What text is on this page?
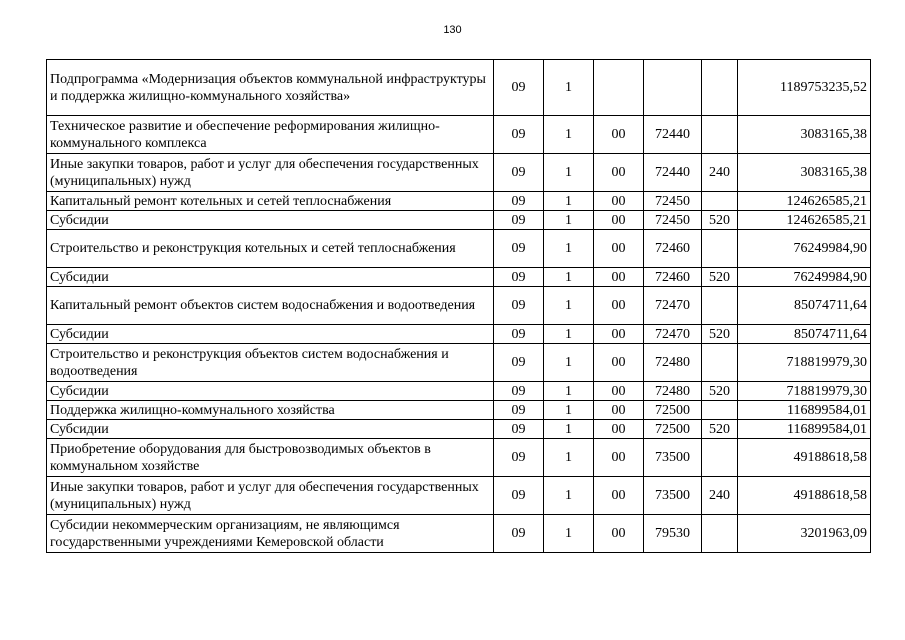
130
Подпрограмма «Модернизация объектов коммунальной инфраструктуры и поддержка жилищно-коммунального хозяйства»	09	1				1189753235,52
Техническое развитие и обеспечение реформирования жилищно-коммунального комплекса	09	1	00	72440		3083165,38
Иные закупки товаров, работ и услуг для обеспечения государственных (муниципальных) нужд	09	1	00	72440	240	3083165,38
Капитальный ремонт котельных и сетей теплоснабжения	09	1	00	72450		124626585,21
Субсидии	09	1	00	72450	520	124626585,21
Строительство и реконструкция котельных и сетей теплоснабжения	09	1	00	72460		76249984,90
Субсидии	09	1	00	72460	520	76249984,90
Капитальный ремонт объектов систем водоснабжения и водоотведения	09	1	00	72470		85074711,64
Субсидии	09	1	00	72470	520	85074711,64
Строительство и реконструкция объектов систем водоснабжения и водоотведения	09	1	00	72480		718819979,30
Субсидии	09	1	00	72480	520	718819979,30
Поддержка жилищно-коммунального хозяйства	09	1	00	72500		116899584,01
Субсидии	09	1	00	72500	520	116899584,01
Приобретение оборудования для быстровозводимых объектов в коммунальном хозяйстве	09	1	00	73500		49188618,58
Иные закупки товаров, работ и услуг для обеспечения государственных (муниципальных) нужд	09	1	00	73500	240	49188618,58
Субсидии некоммерческим организациям, не являющимся государственными учреждениями Кемеровской области	09	1	00	79530		3201963,09
